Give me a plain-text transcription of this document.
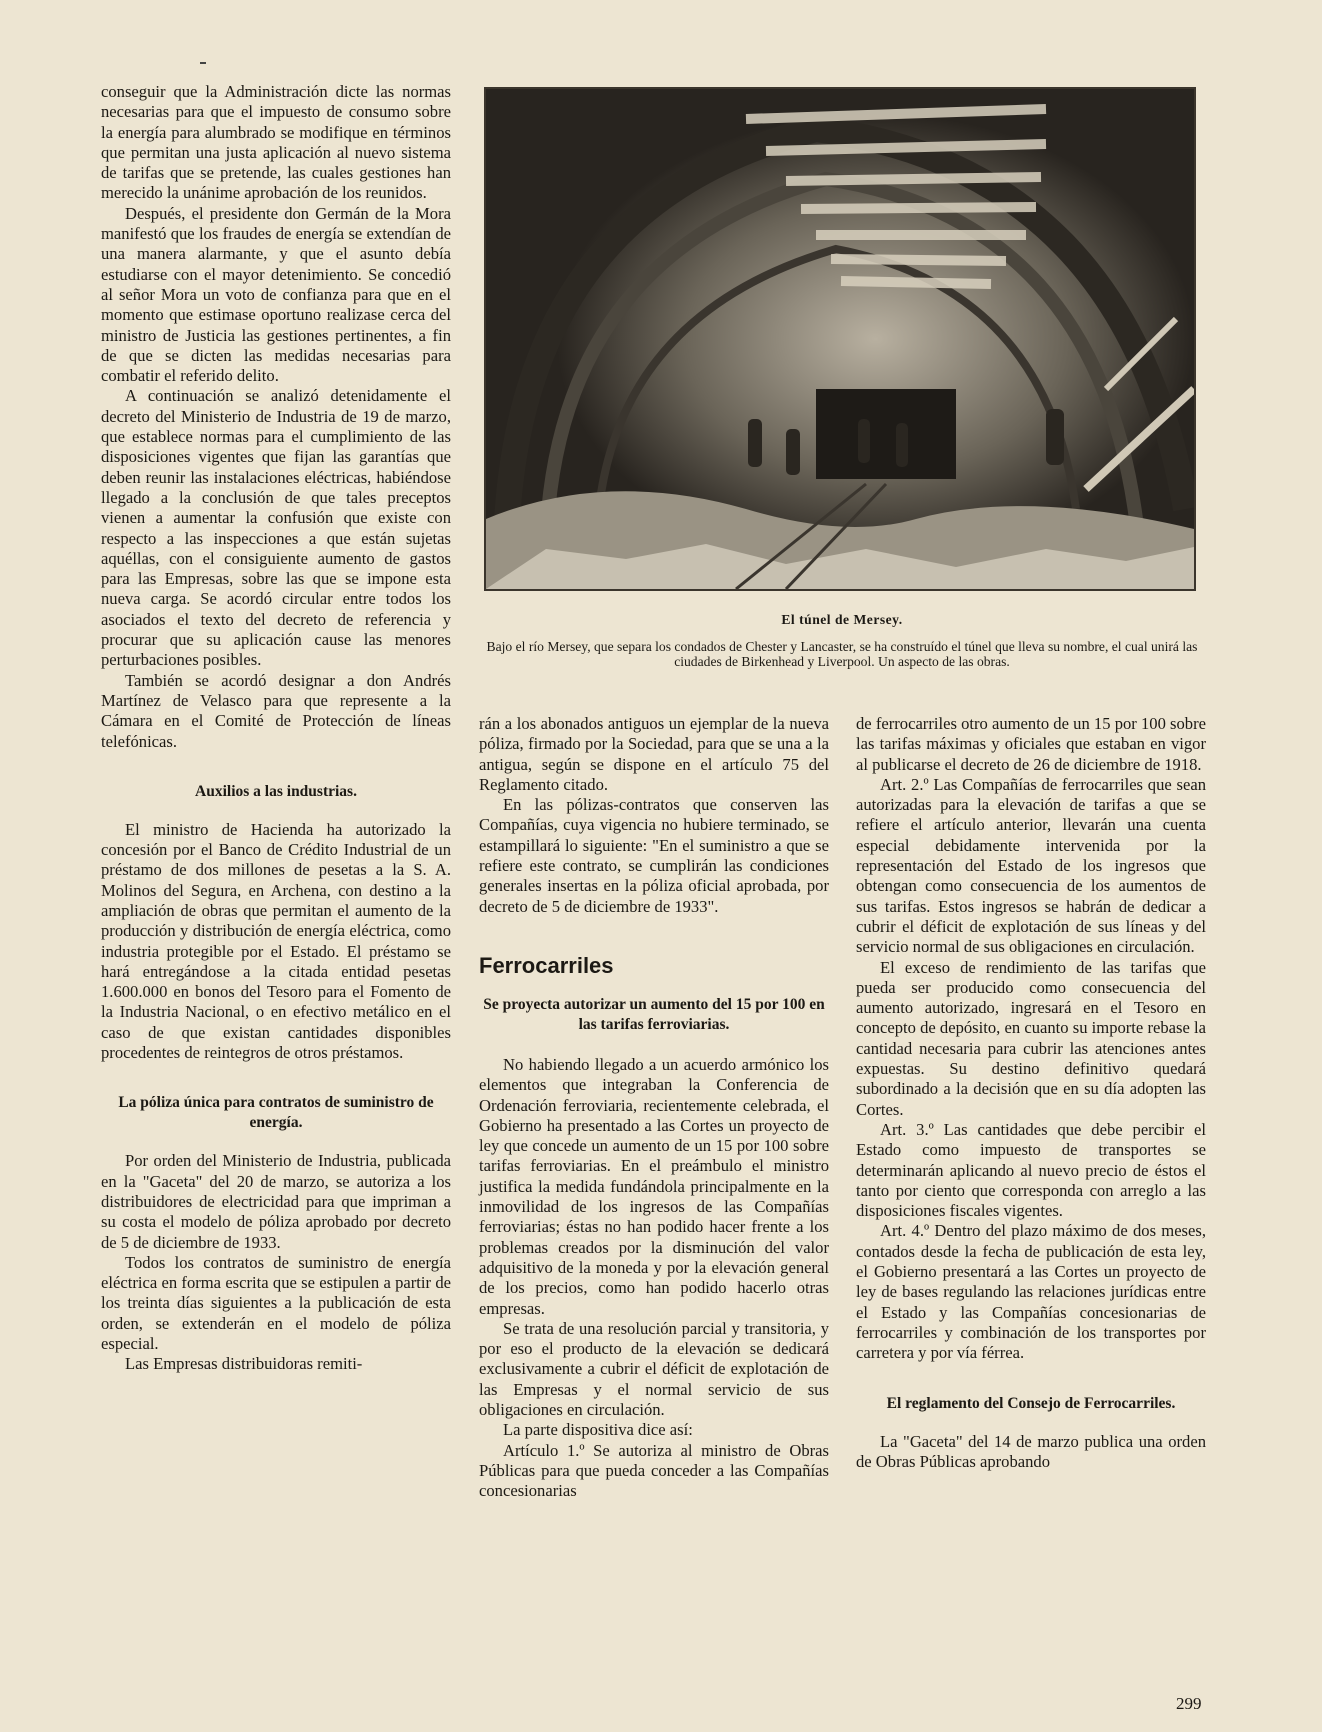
conseguir que la Administración dicte las normas necesarias para que el impuesto de consumo sobre la energía para alumbrado se modifique en términos que permitan una justa aplicación al nuevo sistema de tarifas que se pretende, las cuales gestiones han merecido la unánime aprobación de los reunidos.

Después, el presidente don Germán de la Mora manifestó que los fraudes de energía se extendían de una manera alarmante, y que el asunto debía estudiarse con el mayor detenimiento. Se concedió al señor Mora un voto de confianza para que en el momento que estimase oportuno realizase cerca del ministro de Justicia las gestiones pertinentes, a fin de que se dicten las medidas necesarias para combatir el referido delito.

A continuación se analizó detenidamente el decreto del Ministerio de Industria de 19 de marzo, que establece normas para el cumplimiento de las disposiciones vigentes que fijan las garantías que deben reunir las instalaciones eléctricas, habiéndose llegado a la conclusión de que tales preceptos vienen a aumentar la confusión que existe con respecto a las inspecciones a que están sujetas aquéllas, con el consiguiente aumento de gastos para las Empresas, sobre las que se impone esta nueva carga. Se acordó circular entre todos los asociados el texto del decreto de referencia y procurar que su aplicación cause las menores perturbaciones posibles.

También se acordó designar a don Andrés Martínez de Velasco para que represente a la Cámara en el Comité de Protección de líneas telefónicas.

Auxilios a las industrias.

El ministro de Hacienda ha autorizado la concesión por el Banco de Crédito Industrial de un préstamo de dos millones de pesetas a la S. A. Molinos del Segura, en Archena, con destino a la ampliación de obras que permitan el aumento de la producción y distribución de energía eléctrica, como industria protegible por el Estado. El préstamo se hará entregándose a la citada entidad pesetas 1.600.000 en bonos del Tesoro para el Fomento de la Industria Nacional, o en efectivo metálico en el caso de que existan cantidades disponibles procedentes de reintegros de otros préstamos.

La póliza única para contratos de suministro de energía.

Por orden del Ministerio de Industria, publicada en la "Gaceta" del 20 de marzo, se autoriza a los distribuidores de electricidad para que impriman a su costa el modelo de póliza aprobado por decreto de 5 de diciembre de 1933.

Todos los contratos de suministro de energía eléctrica en forma escrita que se estipulen a partir de los treinta días siguientes a la publicación de esta orden, se extenderán en el modelo de póliza especial.

Las Empresas distribuidoras remiti-

El túnel de Mersey.
Bajo el río Mersey, que separa los condados de Chester y Lancaster, se ha construído el túnel que lleva su nombre, el cual unirá las ciudades de Birkenhead y Liverpool. Un aspecto de las obras.

rán a los abonados antiguos un ejemplar de la nueva póliza, firmado por la Sociedad, para que se una a la antigua, según se dispone en el artículo 75 del Reglamento citado.

En las pólizas-contratos que conserven las Compañías, cuya vigencia no hubiere terminado, se estampillará lo siguiente: "En el suministro a que se refiere este contrato, se cumplirán las condiciones generales insertas en la póliza oficial aprobada, por decreto de 5 de diciembre de 1933".

Ferrocarriles
Se proyecta autorizar un aumento del 15 por 100 en las tarifas ferroviarias.

No habiendo llegado a un acuerdo armónico los elementos que integraban la Conferencia de Ordenación ferroviaria, recientemente celebrada, el Gobierno ha presentado a las Cortes un proyecto de ley que concede un aumento de un 15 por 100 sobre tarifas ferroviarias. En el preámbulo el ministro justifica la medida fundándola principalmente en la inmovilidad de los ingresos de las Compañías ferroviarias; éstas no han podido hacer frente a los problemas creados por la disminución del valor adquisitivo de la moneda y por la elevación general de los precios, como han podido hacerlo otras empresas.

Se trata de una resolución parcial y transitoria, y por eso el producto de la elevación se dedicará exclusivamente a cubrir el déficit de explotación de las Empresas y el normal servicio de sus obligaciones en circulación.

La parte dispositiva dice así:

Artículo 1.º Se autoriza al ministro de Obras Públicas para que pueda conceder a las Compañías concesionarias

de ferrocarriles otro aumento de un 15 por 100 sobre las tarifas máximas y oficiales que estaban en vigor al publicarse el decreto de 26 de diciembre de 1918.

Art. 2.º Las Compañías de ferrocarriles que sean autorizadas para la elevación de tarifas a que se refiere el artículo anterior, llevarán una cuenta especial debidamente intervenida por la representación del Estado de los ingresos que obtengan como consecuencia de los aumentos de sus tarifas. Estos ingresos se habrán de dedicar a cubrir el déficit de explotación de sus líneas y del servicio normal de sus obligaciones en circulación.

El exceso de rendimiento de las tarifas que pueda ser producido como consecuencia del aumento autorizado, ingresará en el Tesoro en concepto de depósito, en cuanto su importe rebase la cantidad necesaria para cubrir las atenciones antes expuestas. Su destino definitivo quedará subordinado a la decisión que en su día adopten las Cortes.

Art. 3.º Las cantidades que debe percibir el Estado como impuesto de transportes se determinarán aplicando al nuevo precio de éstos el tanto por ciento que corresponda con arreglo a las disposiciones fiscales vigentes.

Art. 4.º Dentro del plazo máximo de dos meses, contados desde la fecha de publicación de esta ley, el Gobierno presentará a las Cortes un proyecto de ley de bases regulando las relaciones jurídicas entre el Estado y las Compañías concesionarias de ferrocarriles y combinación de los transportes por carretera y por vía férrea.

El reglamento del Consejo de Ferrocarriles.

La "Gaceta" del 14 de marzo publica una orden de Obras Públicas aprobando

299
